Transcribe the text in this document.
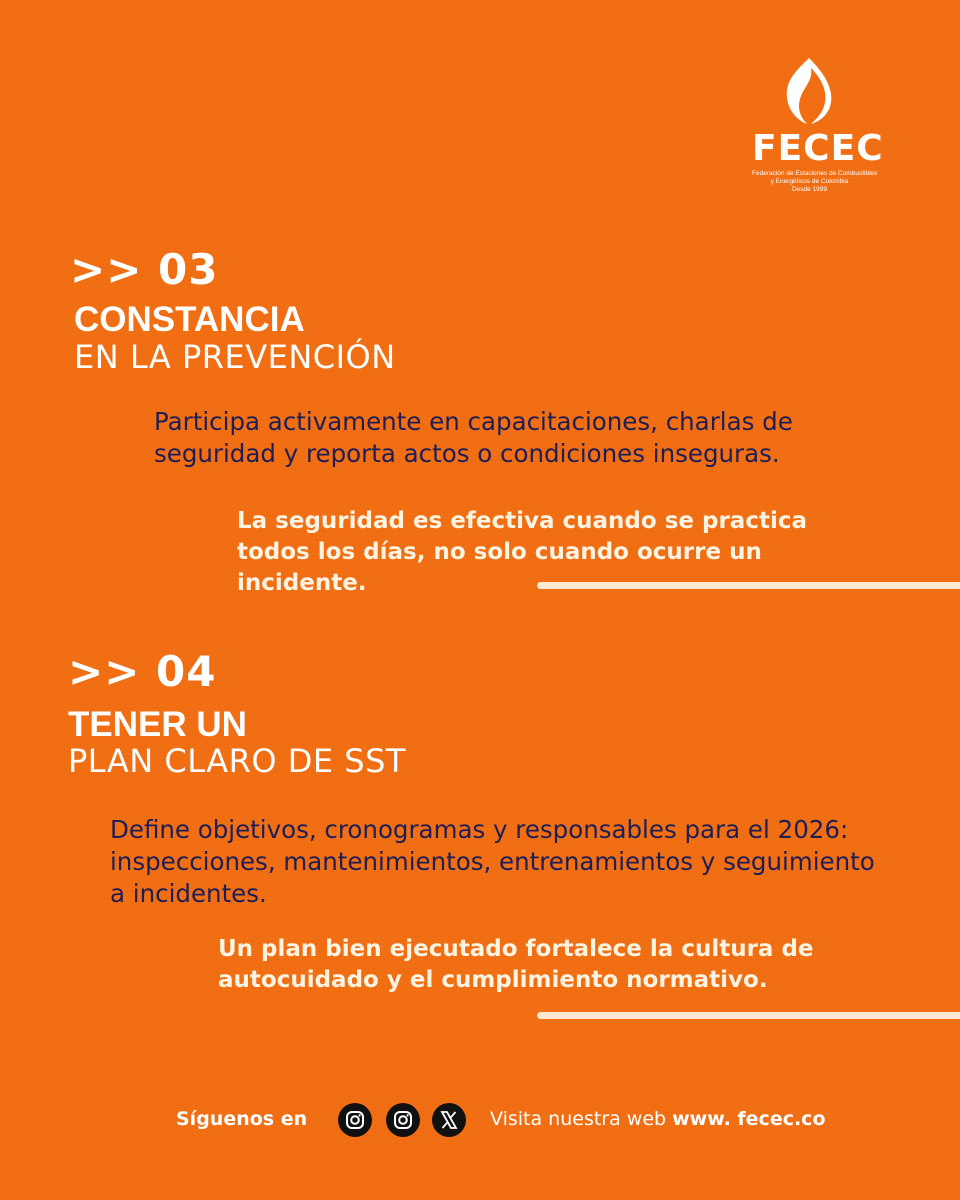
FECEC
Federación de Estaciones de Combustibles
y Energéticos de Colombia
Desde 1999
>> 03
CONSTANCIA
EN LA PREVENCIÓN
Participa activamente en capacitaciones, charlas de seguridad y reporta actos o condiciones inseguras.
La seguridad es efectiva cuando se practica todos los días, no solo cuando ocurre un incidente.
>> 04
TENER UN
PLAN CLARO DE SST
Define objetivos, cronogramas y responsables para el 2026: inspecciones, mantenimientos, entrenamientos y seguimiento a incidentes.
Un plan bien ejecutado fortalece la cultura de autocuidado y el cumplimiento normativo.
Síguenos en	Visita nuestra web www. fecec.co
